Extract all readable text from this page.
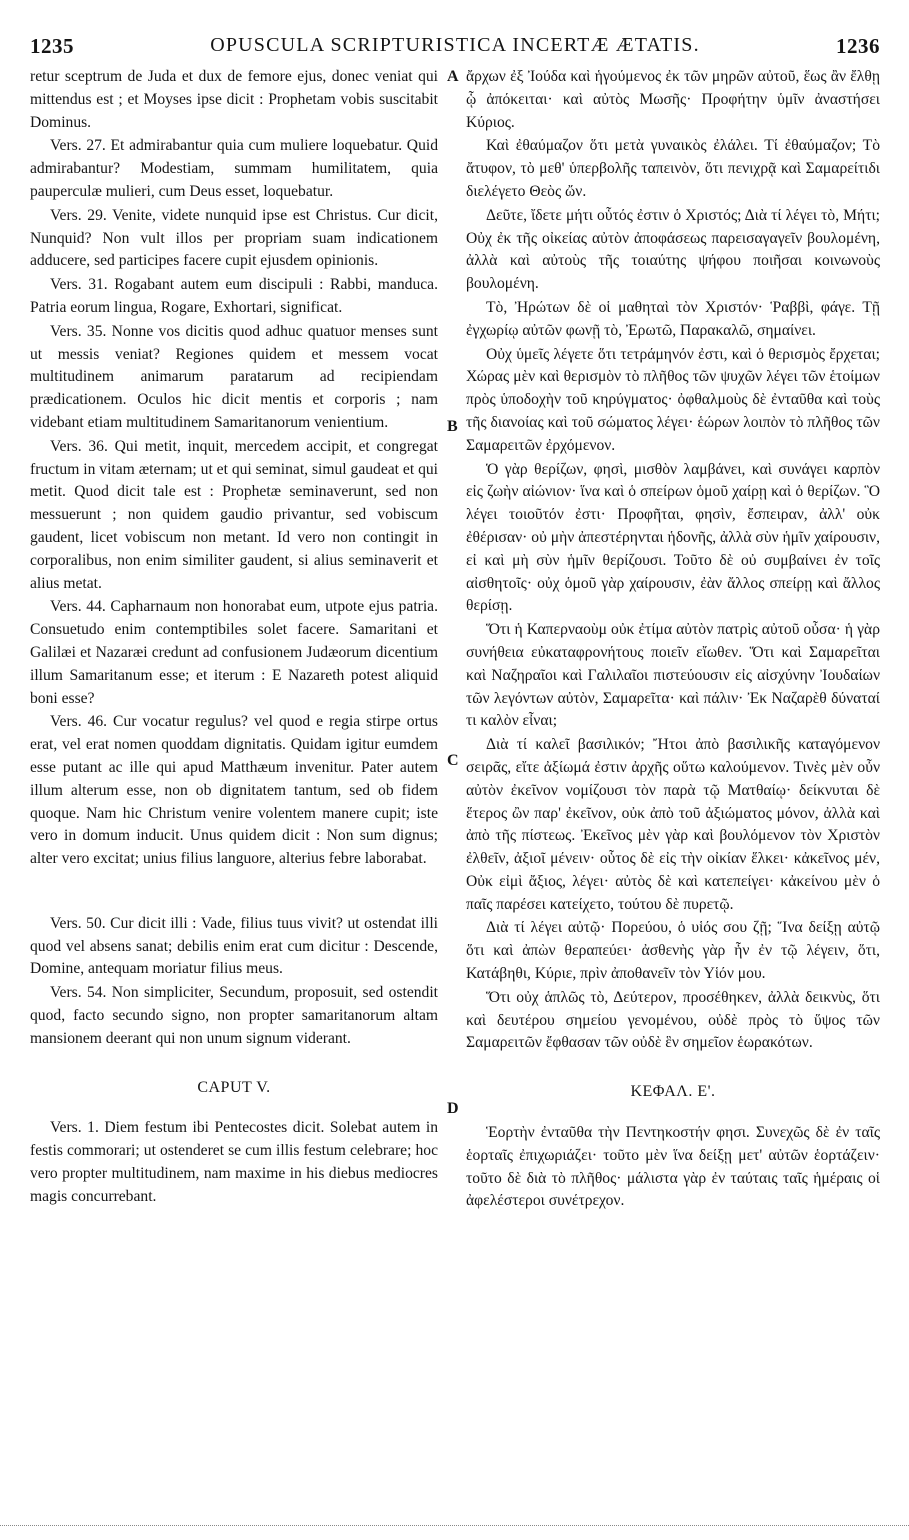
1235	OPUSCULA SCRIPTURISTICA INCERTÆ ÆTATIS.	1236
A
B
C
D

retur sceptrum de Juda et dux de femore ejus, donec veniat qui mittendus est ; et Moyses ipse dicit : Prophetam vobis suscitabit Dominus.

Vers. 27. Et admirabantur quia cum muliere loquebatur. Quid admirabantur? Modestiam, summam humilitatem, quia pauperculæ mulieri, cum Deus esset, loquebatur.

Vers. 29. Venite, videte nunquid ipse est Christus. Cur dicit, Nunquid? Non vult illos per propriam suam indicationem adducere, sed participes facere cupit ejusdem opinionis.

Vers. 31. Rogabant autem eum discipuli : Rabbi, manduca. Patria eorum lingua, Rogare, Exhortari, significat.

Vers. 35. Nonne vos dicitis quod adhuc quatuor menses sunt ut messis veniat? Regiones quidem et messem vocat multitudinem animarum paratarum ad recipiendam prædicationem. Oculos hic dicit mentis et corporis ; nam videbant etiam multitudinem Samaritanorum venientium.

Vers. 36. Qui metit, inquit, mercedem accipit, et congregat fructum in vitam æternam; ut et qui seminat, simul gaudeat et qui metit. Quod dicit tale est : Prophetæ seminaverunt, sed non messuerunt ; non quidem gaudio privantur, sed vobiscum gaudent, licet vobiscum non metant. Id vero non contingit in corporalibus, non enim similiter gaudent, si alius seminaverit et alius metat.

Vers. 44. Capharnaum non honorabat eum, utpote ejus patria. Consuetudo enim contemptibiles solet facere. Samaritani et Galilæi et Nazaræi credunt ad confusionem Judæorum dicentium illum Samaritanum esse; et iterum : E Nazareth potest aliquid boni esse?

Vers. 46. Cur vocatur regulus? vel quod e regia stirpe ortus erat, vel erat nomen quoddam dignitatis. Quidam igitur eumdem esse putant ac ille qui apud Matthæum invenitur. Pater autem illum alterum esse, non ob dignitatem tantum, sed ob fidem quoque. Nam hic Christum venire volentem manere cupit; iste vero in domum inducit. Unus quidem dicit : Non sum dignus; alter vero excitat; unius filius languore, alterius febre laborabat.

Vers. 50. Cur dicit illi : Vade, filius tuus vivit? ut ostendat illi quod vel absens sanat; debilis enim erat cum dicitur : Descende, Domine, antequam moriatur filius meus.

Vers. 54. Non simpliciter, Secundum, proposuit, sed ostendit quod, facto secundo signo, non propter samaritanorum altam mansionem deerant qui non unum signum viderant.

CAPUT V.

Vers. 1. Diem festum ibi Pentecostes dicit. Solebat autem in festis commorari; ut ostenderet se cum illis festum celebrare; hoc vero propter multitudinem, nam maxime in his diebus mediocres magis concurrebant.

ἄρχων ἐξ Ἰούδα καὶ ἡγούμενος ἐκ τῶν μηρῶν αὐτοῦ, ἕως ἂν ἔλθῃ ᾧ ἀπόκειται· καὶ αὐτὸς Μωσῆς· Προφήτην ὑμῖν ἀναστήσει Κύριος.

Καὶ ἐθαύμαζον ὅτι μετὰ γυναικὸς ἐλάλει. Τί ἐθαύμαζον; Τὸ ἄτυφον, τὸ μεθ' ὑπερβολῆς ταπεινὸν, ὅτι πενιχρᾷ καὶ Σαμαρείτιδι διελέγετο Θεὸς ὤν.

Δεῦτε, ἴδετε μήτι οὗτός ἐστιν ὁ Χριστός; Διὰ τί λέγει τὸ, Μήτι; Οὐχ ἐκ τῆς οἰκείας αὐτὸν ἀποφάσεως παρεισαγαγεῖν βουλομένη, ἀλλὰ καὶ αὐτοὺς τῆς τοιαύτης ψήφου ποιῆσαι κοινωνοὺς βουλομένη.

Τὸ, Ἠρώτων δὲ οἱ μαθηταὶ τὸν Χριστόν· Ῥαββὶ, φάγε. Τῇ ἐγχωρίῳ αὐτῶν φωνῇ τὸ, Ἐρωτῶ, Παρακαλῶ, σημαίνει.

Οὐχ ὑμεῖς λέγετε ὅτι τετράμηνόν ἐστι, καὶ ὁ θερισμὸς ἔρχεται; Χώρας μὲν καὶ θερισμὸν τὸ πλῆθος τῶν ψυχῶν λέγει τῶν ἑτοίμων πρὸς ὑποδοχὴν τοῦ κηρύγματος· ὀφθαλμοὺς δὲ ἐνταῦθα καὶ τοὺς τῆς διανοίας καὶ τοῦ σώματος λέγει· ἑώρων λοιπὸν τὸ πλῆθος τῶν Σαμαρειτῶν ἐρχόμενον.

Ὁ γὰρ θερίζων, φησὶ, μισθὸν λαμβάνει, καὶ συνάγει καρπὸν εἰς ζωὴν αἰώνιον· ἵνα καὶ ὁ σπείρων ὁμοῦ χαίρῃ καὶ ὁ θερίζων. Ὃ λέγει τοιοῦτόν ἐστι· Προφῆται, φησὶν, ἔσπειραν, ἀλλ' οὐκ ἐθέρισαν· οὐ μὴν ἀπεστέρηνται ἡδονῆς, ἀλλὰ σὺν ἡμῖν χαίρουσιν, εἰ καὶ μὴ σὺν ἡμῖν θερίζουσι. Τοῦτο δὲ οὐ συμβαίνει ἐν τοῖς αἰσθητοῖς· οὐχ ὁμοῦ γὰρ χαίρουσιν, ἐὰν ἄλλος σπείρῃ καὶ ἄλλος θερίσῃ.

Ὅτι ἡ Καπερναοὺμ οὐκ ἐτίμα αὐτὸν πατρὶς αὐτοῦ οὖσα· ἡ γὰρ συνήθεια εὐκαταφρονήτους ποιεῖν εἴωθεν. Ὅτι καὶ Σαμαρεῖται καὶ Ναζηραῖοι καὶ Γαλιλαῖοι πιστεύουσιν εἰς αἰσχύνην Ἰουδαίων τῶν λεγόντων αὐτὸν, Σαμαρεῖτα· καὶ πάλιν· Ἐκ Ναζαρὲθ δύναταί τι καλὸν εἶναι;

Διὰ τί καλεῖ βασιλικόν; Ἤτοι ἀπὸ βασιλικῆς καταγόμενον σειρᾶς, εἴτε ἀξίωμά ἐστιν ἀρχῆς οὕτω καλούμενον. Τινὲς μὲν οὖν αὐτὸν ἐκεῖνον νομίζουσι τὸν παρὰ τῷ Ματθαίῳ· δείκνυται δὲ ἕτερος ὢν παρ' ἐκεῖνον, οὐκ ἀπὸ τοῦ ἀξιώματος μόνον, ἀλλὰ καὶ ἀπὸ τῆς πίστεως. Ἐκεῖνος μὲν γὰρ καὶ βουλόμενον τὸν Χριστὸν ἐλθεῖν, ἀξιοῖ μένειν· οὗτος δὲ εἰς τὴν οἰκίαν ἕλκει· κἀκεῖνος μέν, Οὐκ εἰμὶ ἄξιος, λέγει· αὐτὸς δὲ καὶ κατεπείγει· κἀκείνου μὲν ὁ παῖς παρέσει κατείχετο, τούτου δὲ πυρετῷ.

Διὰ τί λέγει αὐτῷ· Πορεύου, ὁ υἱός σου ζῇ; Ἵνα δείξῃ αὐτῷ ὅτι καὶ ἀπὼν θεραπεύει· ἀσθενὴς γὰρ ἦν ἐν τῷ λέγειν, ὅτι, Κατάβηθι, Κύριε, πρὶν ἀποθανεῖν τὸν Υἱόν μου.

Ὅτι οὐχ ἁπλῶς τὸ, Δεύτερον, προσέθηκεν, ἀλλὰ δεικνὺς, ὅτι καὶ δευτέρου σημείου γενομένου, οὐδὲ πρὸς τὸ ὕψος τῶν Σαμαρειτῶν ἔφθασαν τῶν οὐδὲ ἓν σημεῖον ἑωρακότων.

ΚΕΦΑΛ. Ε'.

Ἑορτὴν ἐνταῦθα τὴν Πεντηκοστήν φησι. Συνεχῶς δὲ ἐν ταῖς ἑορταῖς ἐπιχωριάζει· τοῦτο μὲν ἵνα δείξῃ μετ' αὐτῶν ἑορτάζειν· τοῦτο δὲ διὰ τὸ πλῆθος· μάλιστα γὰρ ἐν ταύταις ταῖς ἡμέραις οἱ ἀφελέστεροι συνέτρεχον.
